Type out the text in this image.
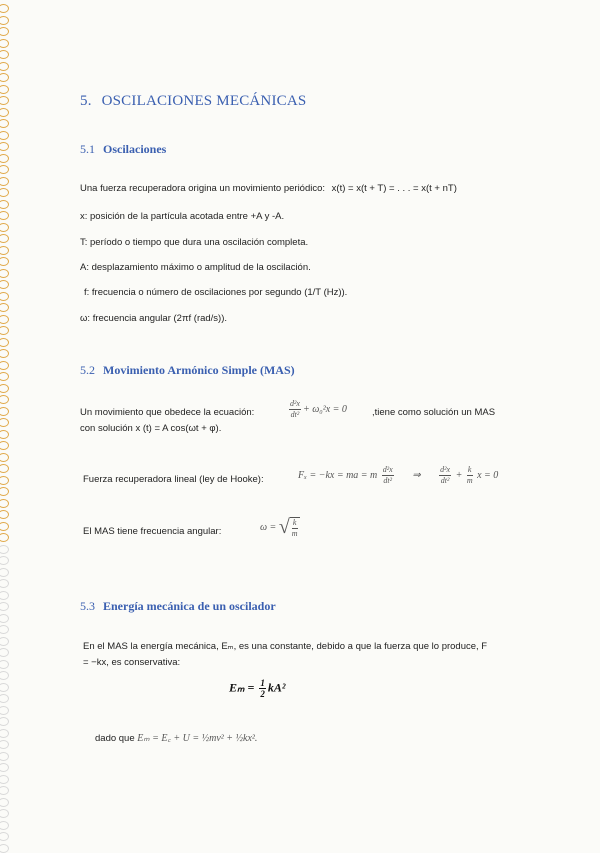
5. OSCILACIONES MECÁNICAS
5.1 Oscilaciones
Una fuerza recuperadora origina un movimiento periódico: x(t) = x(t + T) = . . . = x(t + nT)
x: posición de la partícula acotada entre +A y -A.
T: período o tiempo que dura una oscilación completa.
A: desplazamiento máximo o amplitud de la oscilación.
f: frecuencia o número de oscilaciones por segundo (1/T (Hz)).
ω: frecuencia angular (2πf (rad/s)).
5.2 Movimiento Armónico Simple (MAS)
Un movimiento que obedece la ecuación:	$\frac{\text{d²x}}{\text{dt²}} + \omega_0^2x = 0$	,tiene como solución un MAS
con solución x (t) = A cos(ωt + φ).
Fuerza recuperadora lineal (ley de Hooke):	Fₓ = −kx = ma = m $\frac{\text{d²x}}{\text{dt²}}$ ⇒ $\frac{\text{d²x}}{\text{dt²}} + \frac{k}{m}$ x = 0
El MAS tiene frecuencia angular:	ω = √ $\frac{k}{m}$
5.3 Energía mecánica de un oscilador
En el MAS la energía mecánica, Eₘ, es una constante, debido a que la fuerza que lo produce, F
= −kx, es conservativa:
$E_m = \frac{1}{2} kA^2$
dado que Eₘ = E꜀ + U = ½mv² + ½kx².
